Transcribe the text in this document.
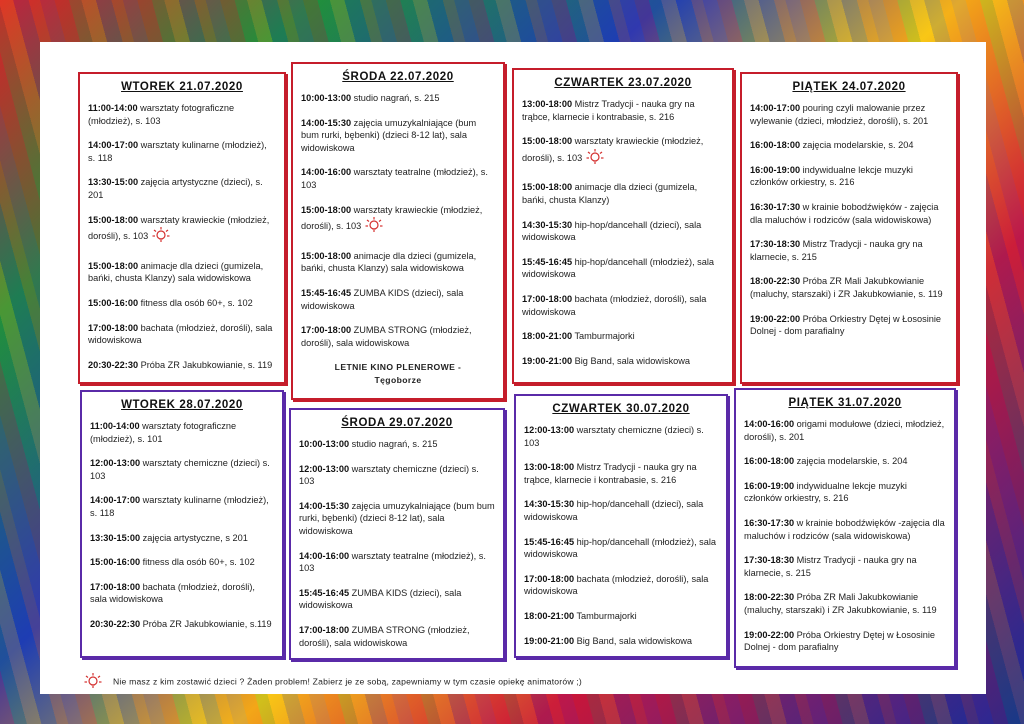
WTOREK 21.07.2020

11:00-14:00 warsztaty fotograficzne (młodzież), s. 103

14:00-17:00 warsztaty kulinarne (młodzież), s. 118

13:30-15:00 zajęcia artystyczne (dzieci), s. 201

15:00-18:00 warsztaty krawieckie (młodzież, dorośli), s. 103

15:00-18:00 animacje dla dzieci (gumizela, bańki, chusta Klanzy) sala widowiskowa

15:00-16:00 fitness dla osób 60+, s. 102

17:00-18:00 bachata (młodzież, dorośli), sala widowiskowa

20:30-22:30 Próba ZR Jakubkowianie, s. 119

ŚRODA 22.07.2020

10:00-13:00 studio nagrań, s. 215

14:00-15:30 zajęcia umuzykalniające (bum bum rurki, bębenki) (dzieci 8-12 lat), sala widowiskowa

14:00-16:00 warsztaty teatralne (młodzież), s. 103

15:00-18:00 warsztaty krawieckie (młodzież, dorośli), s. 103

15:00-18:00 animacje dla dzieci (gumizela, bańki, chusta Klanzy) sala widowiskowa

15:45-16:45 ZUMBA KIDS (dzieci), sala widowiskowa

17:00-18:00 ZUMBA STRONG (młodzież, dorośli), sala widowiskowa

LETNIE KINO PLENEROWE -
Tęgoborze
CZWARTEK 23.07.2020

13:00-18:00 Mistrz Tradycji - nauka gry na trąbce, klarnecie i kontrabasie, s. 216

15:00-18:00 warsztaty krawieckie (młodzież, dorośli), s. 103

15:00-18:00 animacje dla dzieci (gumizela, bańki, chusta Klanzy)

14:30-15:30 hip-hop/dancehall (dzieci), sala widowiskowa

15:45-16:45 hip-hop/dancehall (młodzież), sala widowiskowa

17:00-18:00 bachata (młodzież, dorośli), sala widowiskowa

18:00-21:00 Tamburmajorki

19:00-21:00 Big Band, sala widowiskowa

PIĄTEK 24.07.2020

14:00-17:00 pouring czyli malowanie przez wylewanie (dzieci, młodzież, dorośli), s. 201

16:00-18:00 zajęcia modelarskie, s. 204

16:00-19:00 indywidualne lekcje muzyki członków orkiestry, s. 216

16:30-17:30 w krainie bobodźwięków - zajęcia dla maluchów i rodziców (sala widowiskowa)

17:30-18:30 Mistrz Tradycji - nauka gry na klarnecie, s. 215

18:00-22:30 Próba ZR Mali Jakubkowianie (maluchy, starszaki) i ZR Jakubkowianie, s. 119

19:00-22:00 Próba Orkiestry Dętej w Łososinie Dolnej - dom parafialny

WTOREK 28.07.2020

11:00-14:00 warsztaty fotograficzne (młodzież), s. 101

12:00-13:00 warsztaty chemiczne (dzieci) s. 103

14:00-17:00 warsztaty kulinarne (młodzież), s. 118

13:30-15:00 zajęcia artystyczne, s 201

15:00-16:00 fitness dla osób 60+, s. 102

17:00-18:00 bachata (młodzież, dorośli), sala widowiskowa

20:30-22:30 Próba ZR Jakubkowianie, s.119

ŚRODA 29.07.2020

10:00-13:00 studio nagrań, s. 215

12:00-13:00 warsztaty chemiczne (dzieci) s. 103

14:00-15:30 zajęcia umuzykalniające (bum bum rurki, bębenki) (dzieci 8-12 lat), sala widowiskowa

14:00-16:00 warsztaty teatralne (młodzież), s. 103

15:45-16:45 ZUMBA KIDS (dzieci), sala widowiskowa

17:00-18:00 ZUMBA STRONG (młodzież, dorośli), sala widowiskowa

CZWARTEK 30.07.2020

12:00-13:00 warsztaty chemiczne (dzieci) s. 103

13:00-18:00 Mistrz Tradycji - nauka gry na trąbce, klarnecie i kontrabasie, s. 216

14:30-15:30 hip-hop/dancehall (dzieci), sala widowiskowa

15:45-16:45 hip-hop/dancehall (młodzież), sala widowiskowa

17:00-18:00 bachata (młodzież, dorośli), sala widowiskowa

18:00-21:00 Tamburmajorki

19:00-21:00 Big Band, sala widowiskowa

PIĄTEK 31.07.2020

14:00-16:00 origami modułowe (dzieci, młodzież, dorośli), s. 201

16:00-18:00 zajęcia modelarskie, s. 204

16:00-19:00 indywidualne lekcje muzyki członków orkiestry, s. 216

16:30-17:30 w krainie bobodźwięków -zajęcia dla maluchów i rodziców (sala widowiskowa)

17:30-18:30 Mistrz Tradycji - nauka gry na klarnecie, s. 215

18:00-22:30 Próba ZR Mali Jakubkowianie (maluchy, starszaki) i ZR Jakubkowianie, s. 119

19:00-22:00 Próba Orkiestry Dętej w Łososinie Dolnej - dom parafialny

Nie masz z kim zostawić dzieci ? Żaden problem! Zabierz je ze sobą, zapewniamy w tym czasie opiekę animatorów ;)
